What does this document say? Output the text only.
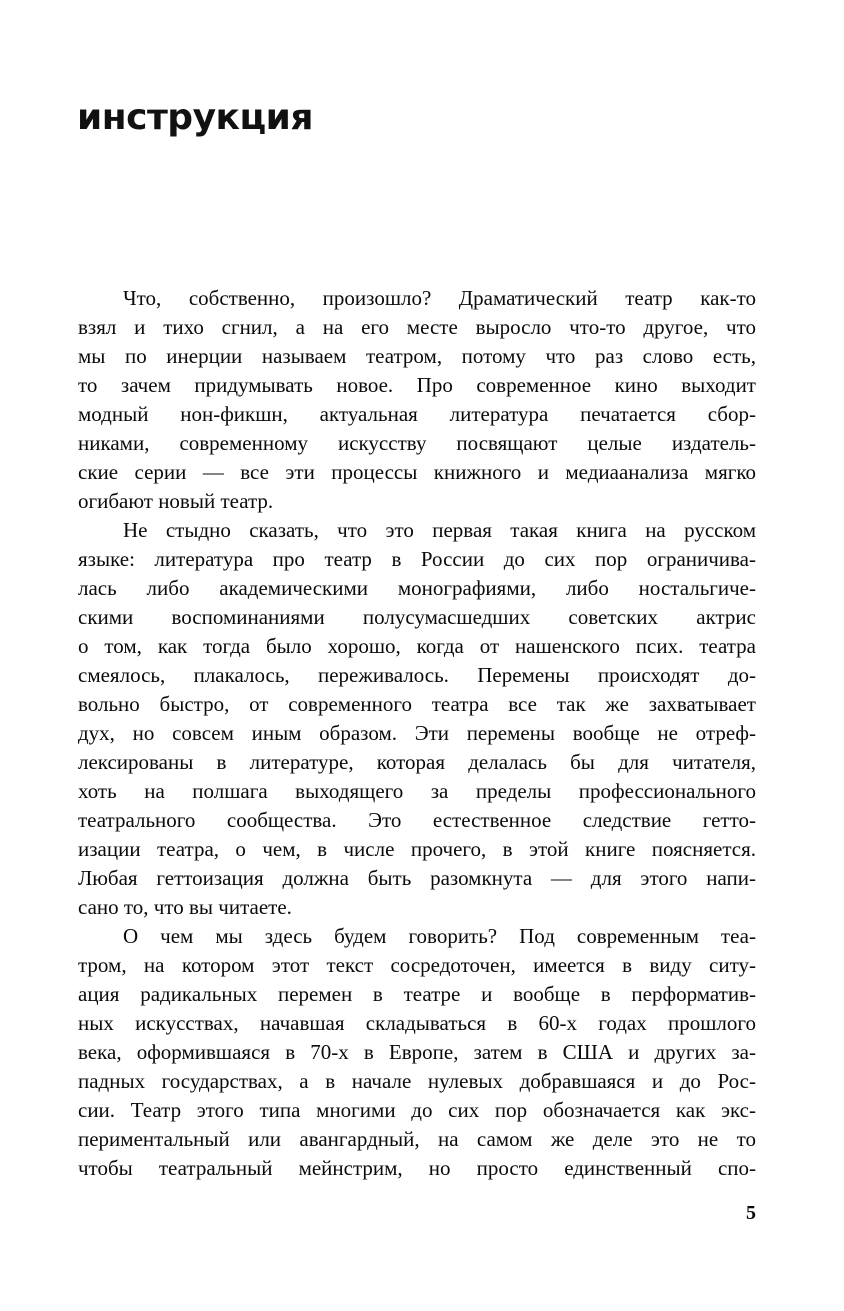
инструкция
Что, собственно, произошло? Драматический театр как-то
взял и тихо сгнил, а на его месте выросло что-то другое, что
мы по инерции называем театром, потому что раз слово есть,
то зачем придумывать новое. Про современное кино выходит
модный нон-фикшн, актуальная литература печатается сбор-
никами, современному искусству посвящают целые издатель-
ские серии — все эти процессы книжного и медиаанализа мягко
огибают новый театр.
Не стыдно сказать, что это первая такая книга на русском
языке: литература про театр в России до сих пор ограничива-
лась либо академическими монографиями, либо ностальгиче-
скими воспоминаниями полусумасшедших советских актрис
о том, как тогда было хорошо, когда от нашенского псих. театра
смеялось, плакалось, переживалось. Перемены происходят до-
вольно быстро, от современного театра все так же захватывает
дух, но совсем иным образом. Эти перемены вообще не отреф-
лексированы в литературе, которая делалась бы для читателя,
хоть на полшага выходящего за пределы профессионального
театрального сообщества. Это естественное следствие гетто-
изации театра, о чем, в числе прочего, в этой книге поясняется.
Любая геттоизация должна быть разомкнута — для этого напи-
сано то, что вы читаете.
О чем мы здесь будем говорить? Под современным теа-
тром, на котором этот текст сосредоточен, имеется в виду ситу-
ация радикальных перемен в театре и вообще в перформатив-
ных искусствах, начавшая складываться в 60-х годах прошлого
века, оформившаяся в 70-х в Европе, затем в США и других за-
падных государствах, а в начале нулевых добравшаяся и до Рос-
сии. Театр этого типа многими до сих пор обозначается как экс-
периментальный или авангардный, на самом же деле это не то
чтобы театральный мейнстрим, но просто единственный спо-
5
